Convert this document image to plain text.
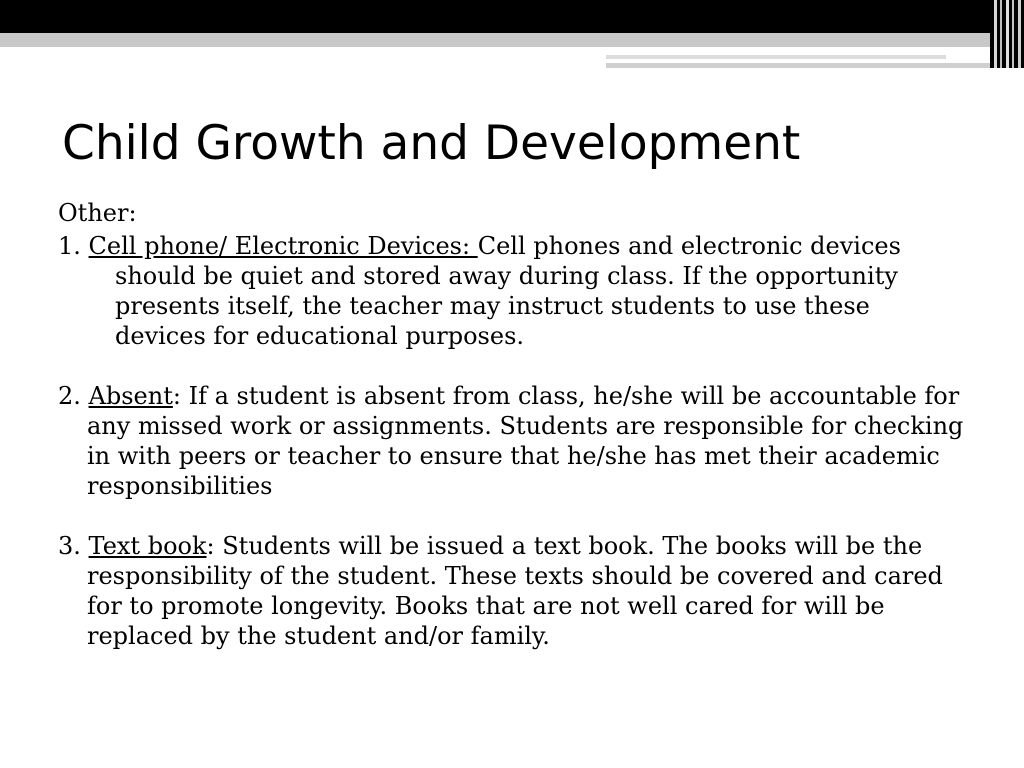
Child Growth and Development

Other:

1. Cell phone/ Electronic Devices: Cell phones and electronic devices should be quiet and stored away during class. If the opportunity presents itself, the teacher may instruct students to use these devices for educational purposes.

2. Absent: If a student is absent from class, he/she will be accountable for any missed work or assignments. Students are responsible for checking in with peers or teacher to ensure that he/she has met their academic responsibilities

3. Text book: Students will be issued a text book. The books will be the responsibility of the student. These texts should be covered and cared for to promote longevity. Books that are not well cared for will be replaced by the student and/or family.
